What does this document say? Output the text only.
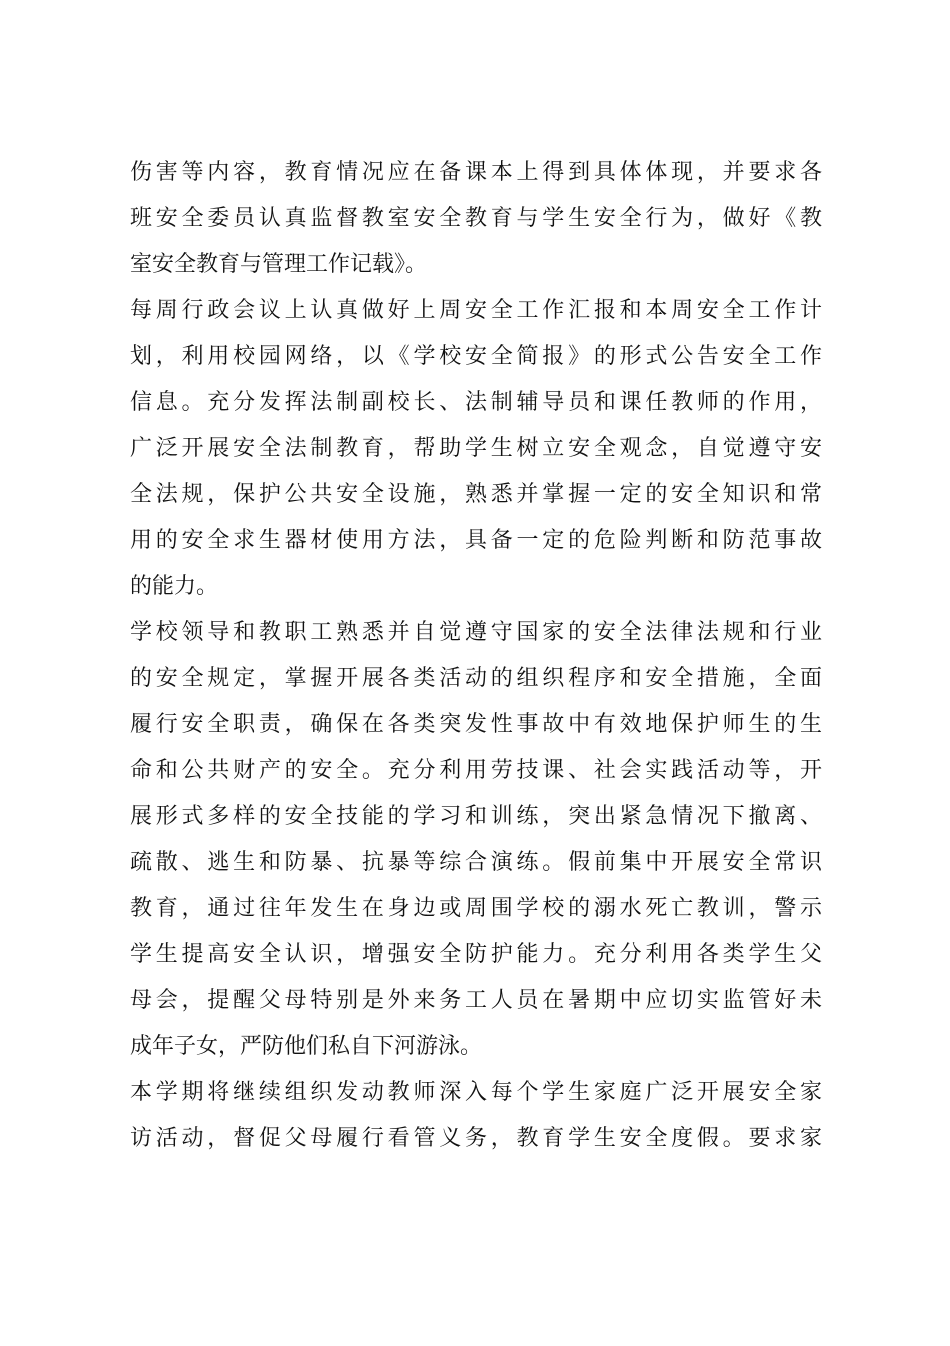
伤害等内容，教育情况应在备课本上得到具体体现，并要求各
班安全委员认真监督教室安全教育与学生安全行为，做好《教
室安全教育与管理工作记载》。
每周行政会议上认真做好上周安全工作汇报和本周安全工作计
划，利用校园网络，以《学校安全简报》的形式公告安全工作
信息。充分发挥法制副校长、法制辅导员和课任教师的作用，
广泛开展安全法制教育，帮助学生树立安全观念，自觉遵守安
全法规，保护公共安全设施，熟悉并掌握一定的安全知识和常
用的安全求生器材使用方法，具备一定的危险判断和防范事故
的能力。
学校领导和教职工熟悉并自觉遵守国家的安全法律法规和行业
的安全规定，掌握开展各类活动的组织程序和安全措施，全面
履行安全职责，确保在各类突发性事故中有效地保护师生的生
命和公共财产的安全。充分利用劳技课、社会实践活动等，开
展形式多样的安全技能的学习和训练，突出紧急情况下撤离、
疏散、逃生和防暴、抗暴等综合演练。假前集中开展安全常识
教育，通过往年发生在身边或周围学校的溺水死亡教训，警示
学生提高安全认识，增强安全防护能力。充分利用各类学生父
母会，提醒父母特别是外来务工人员在暑期中应切实监管好未
成年子女，严防他们私自下河游泳。
本学期将继续组织发动教师深入每个学生家庭广泛开展安全家
访活动，督促父母履行看管义务，教育学生安全度假。要求家
